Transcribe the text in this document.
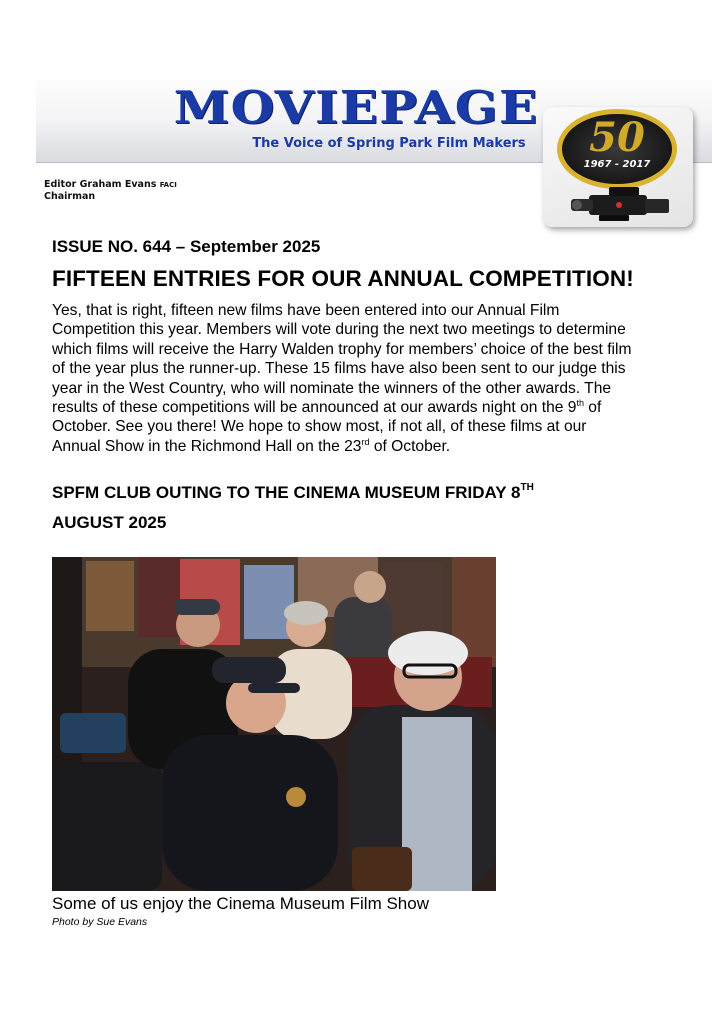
MOVIEPAGE
The Voice of Spring Park Film Makers	50
1967 - 2017
Editor Graham Evans FACI
Chairman
ISSUE NO. 644 – September 2025
FIFTEEN ENTRIES FOR OUR ANNUAL COMPETITION!
Yes, that is right, fifteen new films have been entered into our Annual Film
Competition this year. Members will vote during the next two meetings to determine
which films will receive the Harry Walden trophy for members’ choice of the best film
of the year plus the runner-up. These 15 films have also been sent to our judge this
year in the West Country, who will nominate the winners of the other awards. The
results of these competitions will be announced at our awards night on the 9th of
October. See you there! We hope to show most, if not all, of these films at our
Annual Show in the Richmond Hall on the 23rd of October.
SPFM CLUB OUTING TO THE CINEMA MUSEUM FRIDAY 8TH
AUGUST 2025
Some of us enjoy the Cinema Museum Film Show
Photo by Sue Evans
